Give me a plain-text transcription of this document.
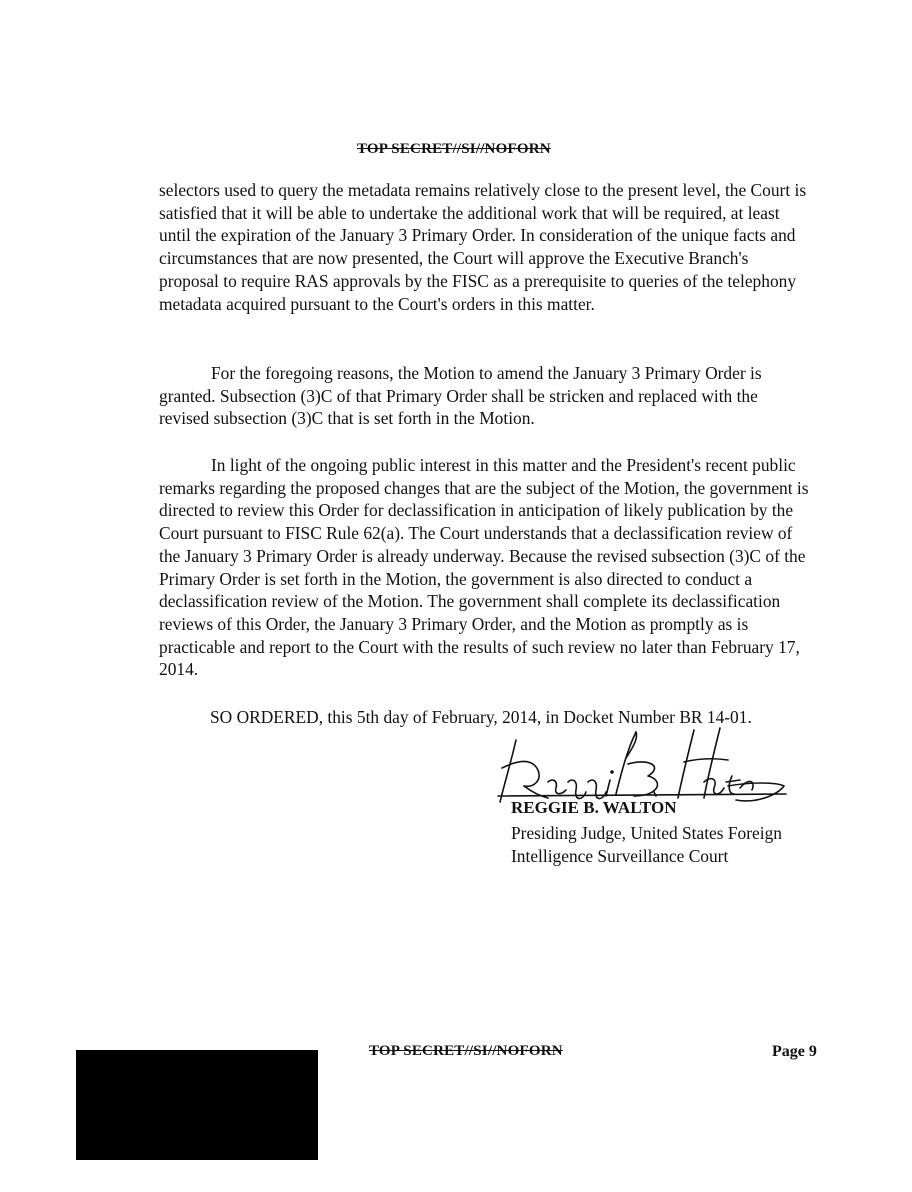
TOP SECRET//SI//NOFORN

selectors used to query the metadata remains relatively close to the present level, the Court is satisfied that it will be able to undertake the additional work that will be required, at least until the expiration of the January 3 Primary Order. In consideration of the unique facts and circumstances that are now presented, the Court will approve the Executive Branch's proposal to require RAS approvals by the FISC as a prerequisite to queries of the telephony metadata acquired pursuant to the Court's orders in this matter.

For the foregoing reasons, the Motion to amend the January 3 Primary Order is granted. Subsection (3)C of that Primary Order shall be stricken and replaced with the revised subsection (3)C that is set forth in the Motion.

In light of the ongoing public interest in this matter and the President's recent public remarks regarding the proposed changes that are the subject of the Motion, the government is directed to review this Order for declassification in anticipation of likely publication by the Court pursuant to FISC Rule 62(a). The Court understands that a declassification review of the January 3 Primary Order is already underway. Because the revised subsection (3)C of the Primary Order is set forth in the Motion, the government is also directed to conduct a declassification review of the Motion. The government shall complete its declassification reviews of this Order, the January 3 Primary Order, and the Motion as promptly as is practicable and report to the Court with the results of such review no later than February 17, 2014.

SO ORDERED, this 5th day of February, 2014, in Docket Number BR 14-01.
REGGIE B. WALTON
Presiding Judge, United States Foreign
Intelligence Surveillance Court
TOP SECRET//SI//NOFORN	Page 9
